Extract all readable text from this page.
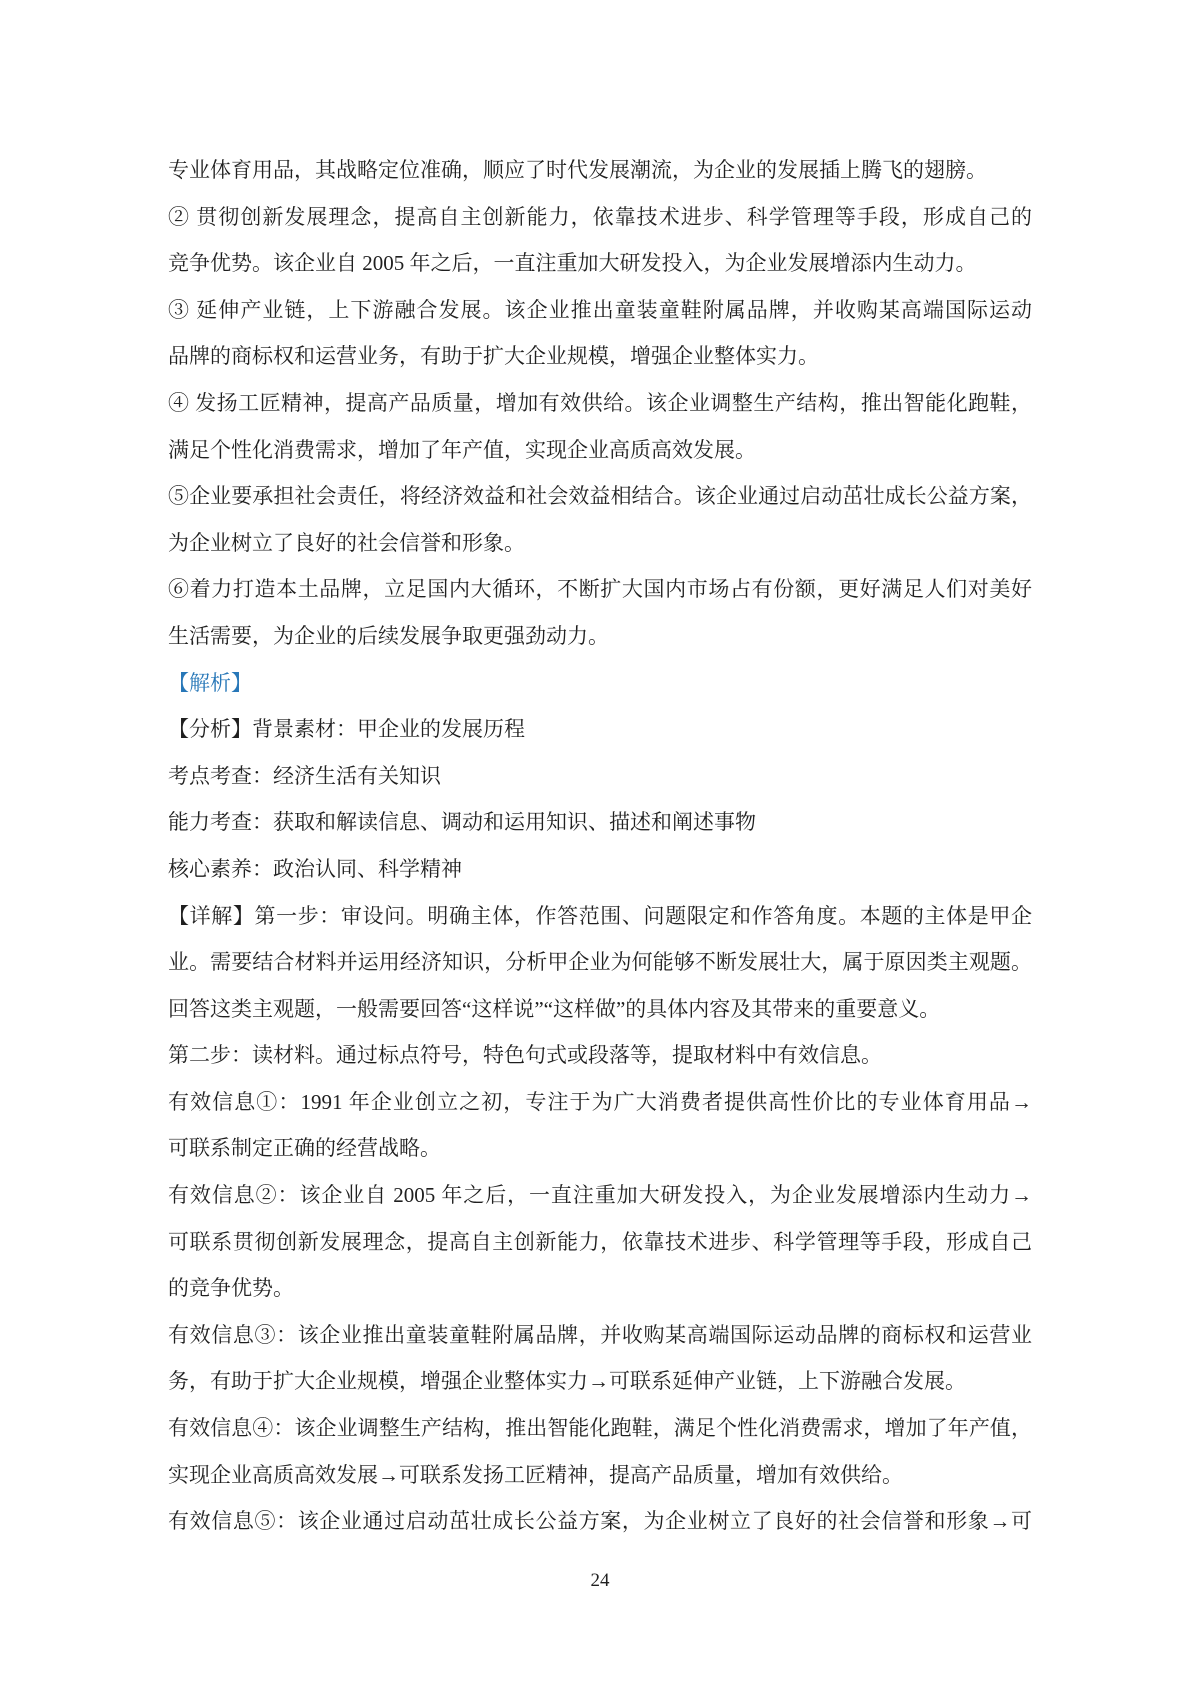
专业体育用品，其战略定位准确，顺应了时代发展潮流，为企业的发展插上腾飞的翅膀。
② 贯彻创新发展理念，提高自主创新能力，依靠技术进步、科学管理等手段，形成自己的
竞争优势。该企业自 2005 年之后，一直注重加大研发投入，为企业发展增添内生动力。
③ 延伸产业链，上下游融合发展。该企业推出童装童鞋附属品牌，并收购某高端国际运动
品牌的商标权和运营业务，有助于扩大企业规模，增强企业整体实力。
④ 发扬工匠精神，提高产品质量，增加有效供给。该企业调整生产结构，推出智能化跑鞋，
满足个性化消费需求，增加了年产值，实现企业高质高效发展。
⑤企业要承担社会责任，将经济效益和社会效益相结合。该企业通过启动茁壮成长公益方案，
为企业树立了良好的社会信誉和形象。
⑥着力打造本土品牌，立足国内大循环，不断扩大国内市场占有份额，更好满足人们对美好
生活需要，为企业的后续发展争取更强劲动力。
【解析】
【分析】背景素材：甲企业的发展历程
考点考查：经济生活有关知识
能力考查：获取和解读信息、调动和运用知识、描述和阐述事物
核心素养：政治认同、科学精神
【详解】第一步：审设问。明确主体，作答范围、问题限定和作答角度。本题的主体是甲企
业。需要结合材料并运用经济知识，分析甲企业为何能够不断发展壮大，属于原因类主观题。
回答这类主观题，一般需要回答“这样说”“这样做”的具体内容及其带来的重要意义。
第二步：读材料。通过标点符号，特色句式或段落等，提取材料中有效信息。
有效信息①：1991 年企业创立之初，专注于为广大消费者提供高性价比的专业体育用品→
可联系制定正确的经营战略。
有效信息②：该企业自 2005 年之后，一直注重加大研发投入，为企业发展增添内生动力→
可联系贯彻创新发展理念，提高自主创新能力，依靠技术进步、科学管理等手段，形成自己
的竞争优势。
有效信息③：该企业推出童装童鞋附属品牌，并收购某高端国际运动品牌的商标权和运营业
务，有助于扩大企业规模，增强企业整体实力→可联系延伸产业链，上下游融合发展。
有效信息④：该企业调整生产结构，推出智能化跑鞋，满足个性化消费需求，增加了年产值，
实现企业高质高效发展→可联系发扬工匠精神，提高产品质量，增加有效供给。
有效信息⑤：该企业通过启动茁壮成长公益方案，为企业树立了良好的社会信誉和形象→可
24
